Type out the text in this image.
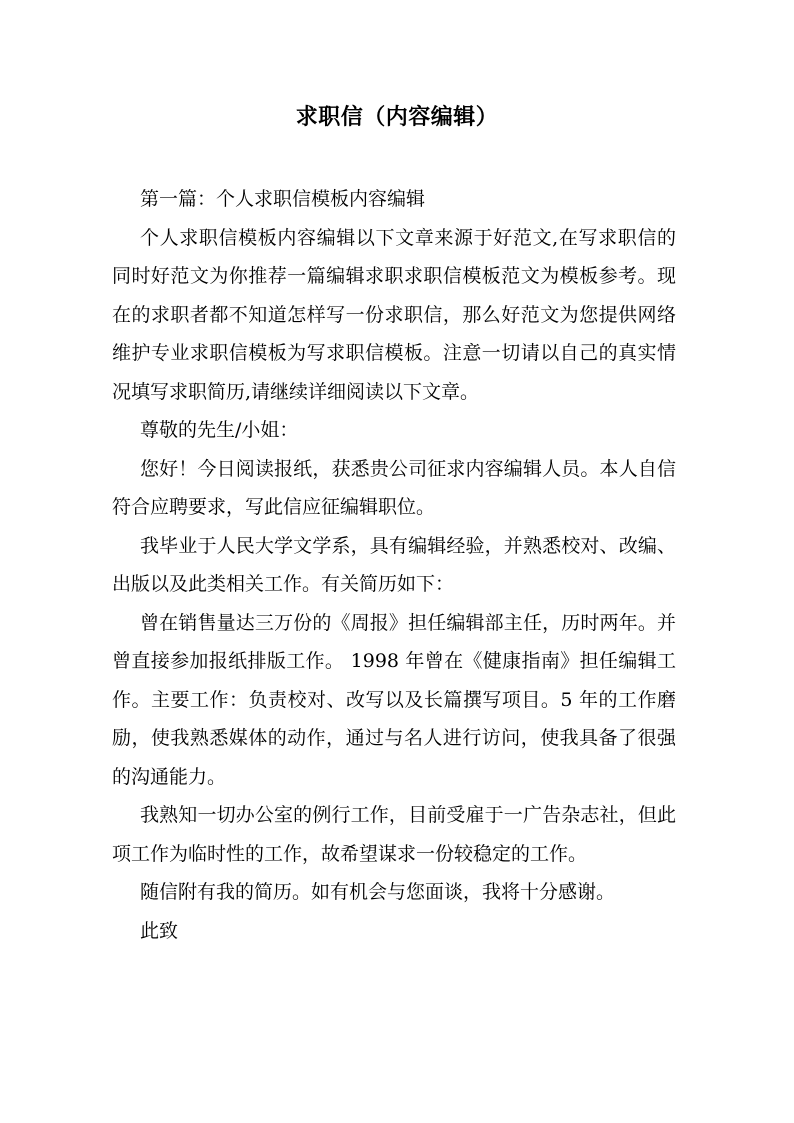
求职信（内容编辑）

第一篇：个人求职信模板内容编辑

个人求职信模板内容编辑以下文章来源于好范文,在写求职信的同时好范文为你推荐一篇编辑求职求职信模板范文为模板参考。现在的求职者都不知道怎样写一份求职信，那么好范文为您提供网络维护专业求职信模板为写求职信模板。注意一切请以自己的真实情况填写求职简历,请继续详细阅读以下文章。

尊敬的先生/小姐：

您好！今日阅读报纸，获悉贵公司征求内容编辑人员。本人自信符合应聘要求，写此信应征编辑职位。

我毕业于人民大学文学系，具有编辑经验，并熟悉校对、改编、出版以及此类相关工作。有关简历如下：

曾在销售量达三万份的《周报》担任编辑部主任，历时两年。并曾直接参加报纸排版工作。 1998 年曾在《健康指南》担任编辑工作。主要工作：负责校对、改写以及长篇撰写项目。5 年的工作磨励，使我熟悉媒体的动作，通过与名人进行访问，使我具备了很强的沟通能力。

我熟知一切办公室的例行工作，目前受雇于一广告杂志社，但此项工作为临时性的工作，故希望谋求一份较稳定的工作。

随信附有我的简历。如有机会与您面谈，我将十分感谢。

此致
